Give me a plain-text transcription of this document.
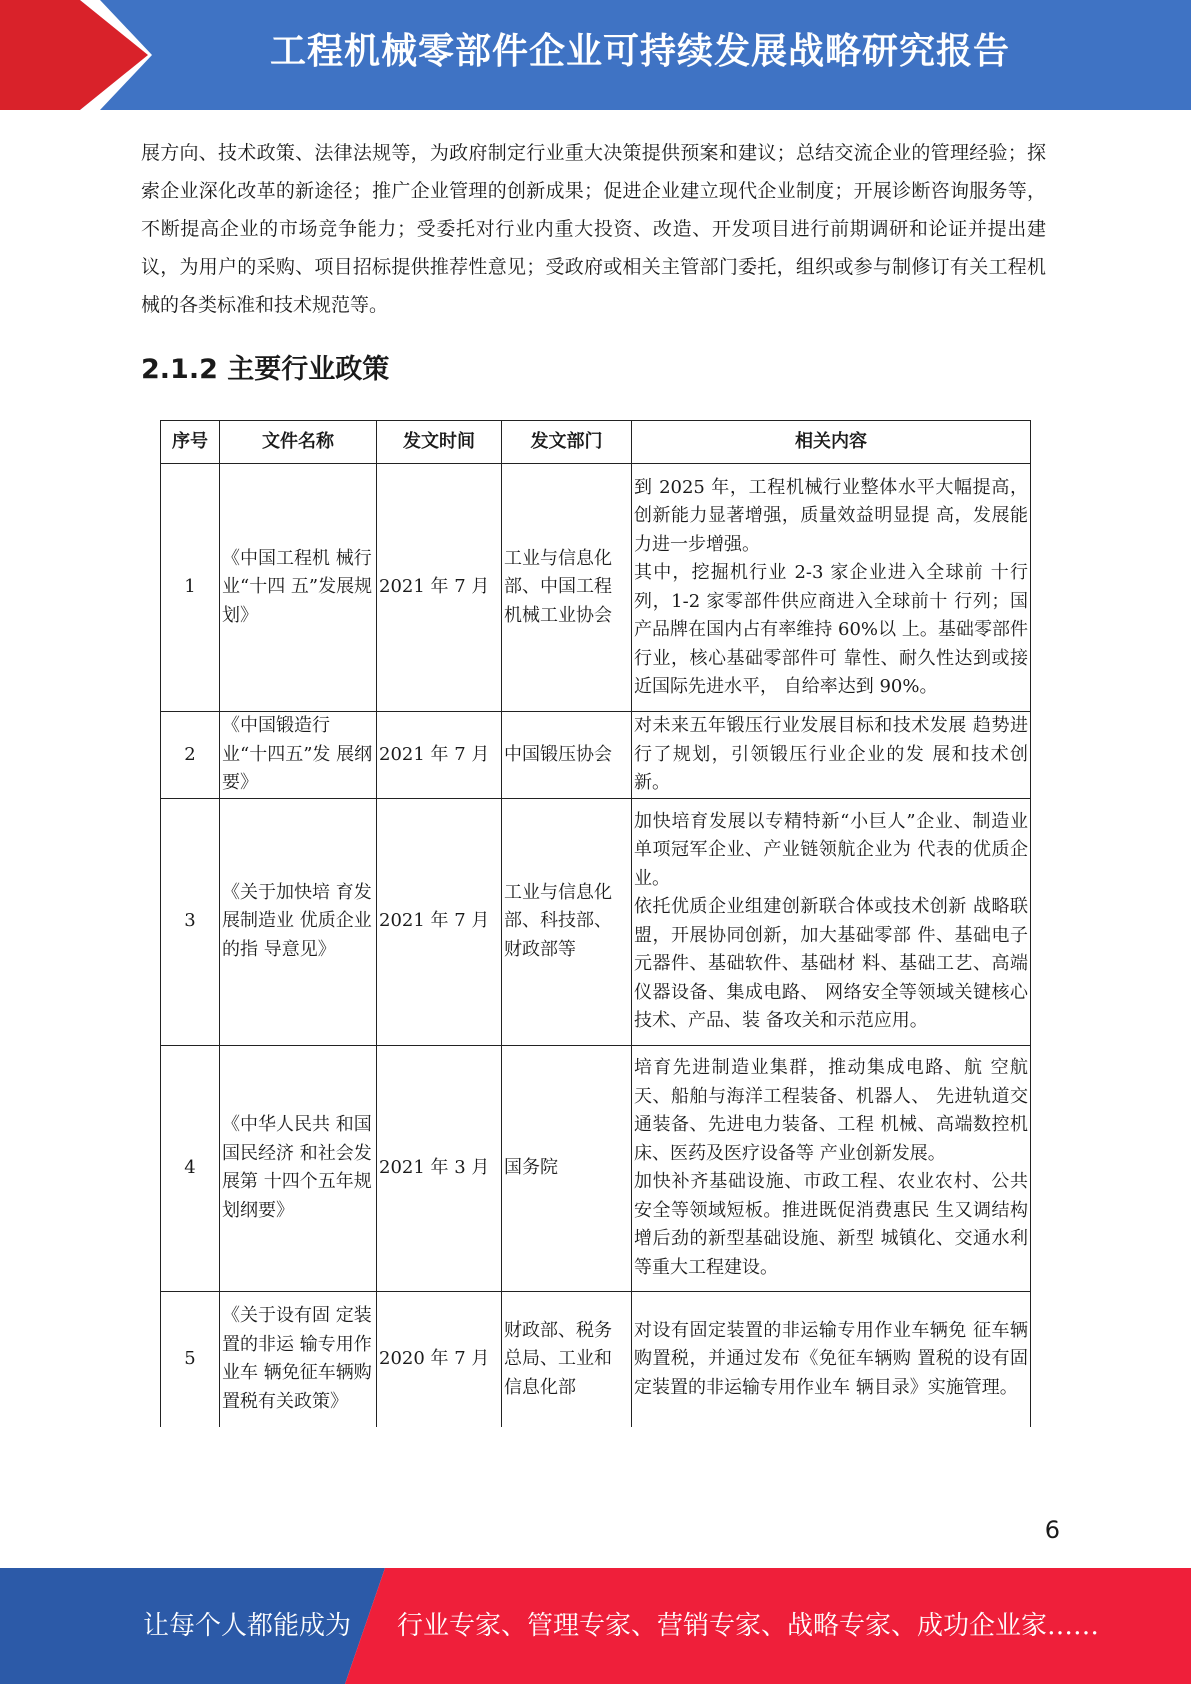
工程机械零部件企业可持续发展战略研究报告
展方向、技术政策、法律法规等，为政府制定行业重大决策提供预案和建议；总结交流企业的管理经验；探索企业深化改革的新途径；推广企业管理的创新成果；促进企业建立现代企业制度；开展诊断咨询服务等，不断提高企业的市场竞争能力；受委托对行业内重大投资、改造、开发项目进行前期调研和论证并提出建议，为用户的采购、项目招标提供推荐性意见；受政府或相关主管部门委托，组织或参与制修订有关工程机械的各类标准和技术规范等。
2.1.2 主要行业政策
序号	文件名称	发文时间	发文部门	相关内容
1	《中国工程机 械行业“十四 五”发展规划》	2021 年 7 月	工业与信息化部、中国工程机械工业协会	到 2025 年，工程机械行业整体水平大幅提高，创新能力显著增强，质量效益明显提 高，发展能力进一步增强。
其中，挖掘机行业 2-3 家企业进入全球前 十行列，1-2 家零部件供应商进入全球前十 行列；国产品牌在国内占有率维持 60%以 上。基础零部件行业，核心基础零部件可 靠性、耐久性达到或接近国际先进水平， 自给率达到 90%。

2	《中国锻造行 业“十四五”发 展纲要》	2021 年 7 月	中国锻压协会	对未来五年锻压行业发展目标和技术发展 趋势进行了规划，引领锻压行业企业的发 展和技术创新。

3	《关于加快培 育发展制造业 优质企业的指 导意见》	2021 年 7 月	工业与信息化部、科技部、财政部等	加快培育发展以专精特新“小巨人”企业、制造业单项冠军企业、产业链领航企业为 代表的优质企业。
依托优质企业组建创新联合体或技术创新 战略联盟，开展协同创新，加大基础零部 件、基础电子元器件、基础软件、基础材 料、基础工艺、高端仪器设备、集成电路、 网络安全等领域关键核心技术、产品、装 备攻关和示范应用。

4	《中华人民共 和国国民经济 和社会发展第 十四个五年规 划纲要》	2021 年 3 月	国务院	培育先进制造业集群，推动集成电路、航 空航天、船舶与海洋工程装备、机器人、 先进轨道交通装备、先进电力装备、工程 机械、高端数控机床、医药及医疗设备等 产业创新发展。
加快补齐基础设施、市政工程、农业农村、公共安全等领域短板。推进既促消费惠民 生又调结构增后劲的新型基础设施、新型 城镇化、交通水利等重大工程建设。

5	《关于设有固 定装置的非运 输专用作业车 辆免征车辆购 置税有关政策》	2020 年 7 月	财政部、税务总局、工业和信息化部	对设有固定装置的非运输专用作业车辆免 征车辆购置税，并通过发布《免征车辆购 置税的设有固定装置的非运输专用作业车 辆目录》实施管理。
6
让每个人都能成为 行业专家、管理专家、营销专家、战略专家、成功企业家……
